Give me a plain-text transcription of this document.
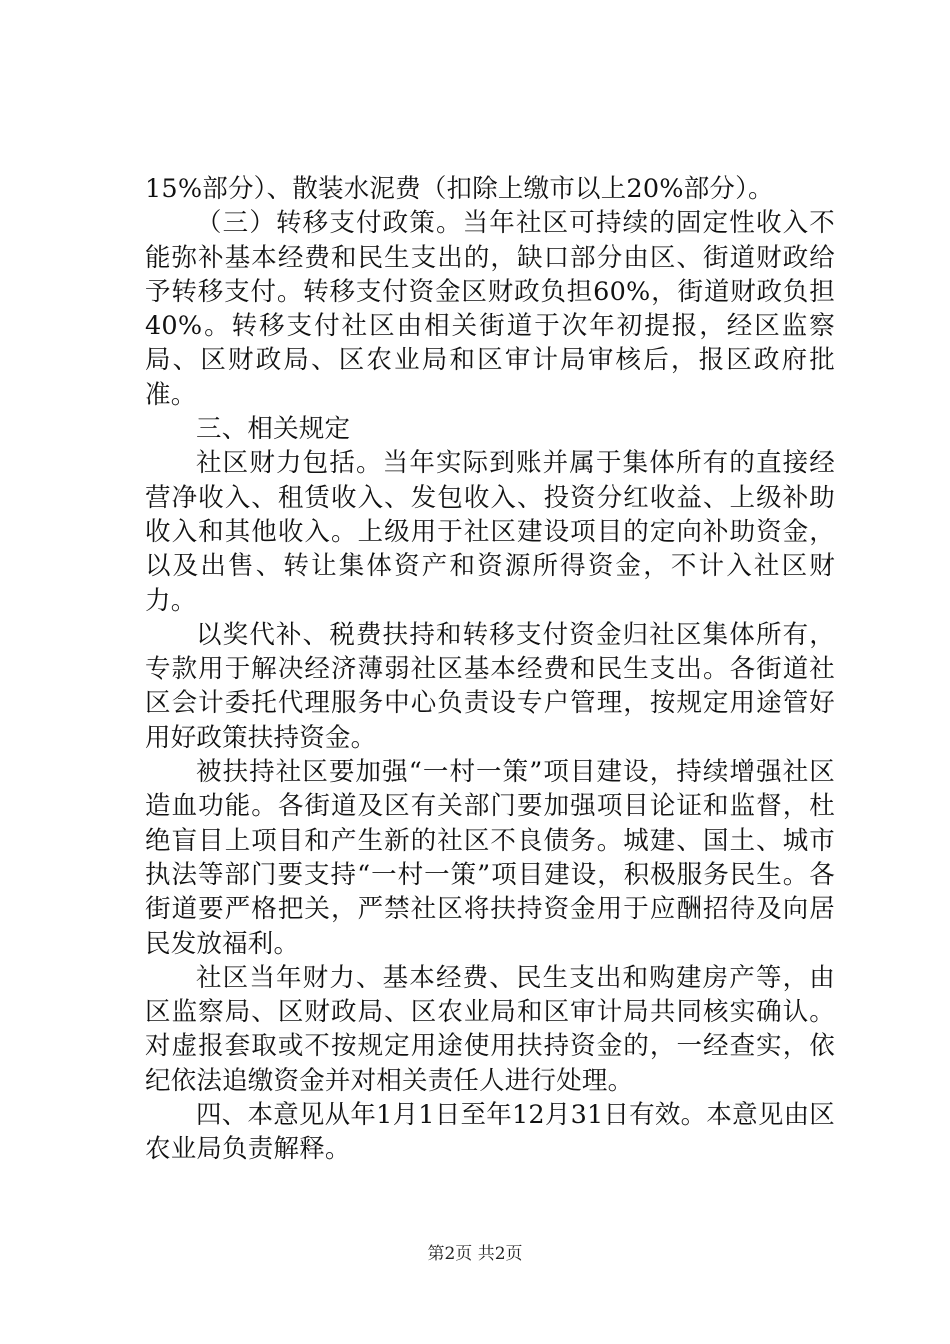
15%部分）、散装水泥费（扣除上缴市以上20%部分）。

（三）转移支付政策。当年社区可持续的固定性收入不能弥补基本经费和民生支出的，缺口部分由区、街道财政给予转移支付。转移支付资金区财政负担60%，街道财政负担40%。转移支付社区由相关街道于次年初提报，经区监察局、区财政局、区农业局和区审计局审核后，报区政府批准。

三、相关规定

社区财力包括。当年实际到账并属于集体所有的直接经营净收入、租赁收入、发包收入、投资分红收益、上级补助收入和其他收入。上级用于社区建设项目的定向补助资金，以及出售、转让集体资产和资源所得资金，不计入社区财力。

以奖代补、税费扶持和转移支付资金归社区集体所有，专款用于解决经济薄弱社区基本经费和民生支出。各街道社区会计委托代理服务中心负责设专户管理，按规定用途管好用好政策扶持资金。

被扶持社区要加强“一村一策”项目建设，持续增强社区造血功能。各街道及区有关部门要加强项目论证和监督，杜绝盲目上项目和产生新的社区不良债务。城建、国土、城市执法等部门要支持“一村一策”项目建设，积极服务民生。各街道要严格把关，严禁社区将扶持资金用于应酬招待及向居民发放福利。

社区当年财力、基本经费、民生支出和购建房产等，由区监察局、区财政局、区农业局和区审计局共同核实确认。对虚报套取或不按规定用途使用扶持资金的，一经查实，依纪依法追缴资金并对相关责任人进行处理。

四、本意见从年1月1日至年12月31日有效。本意见由区农业局负责解释。

第2页 共2页
